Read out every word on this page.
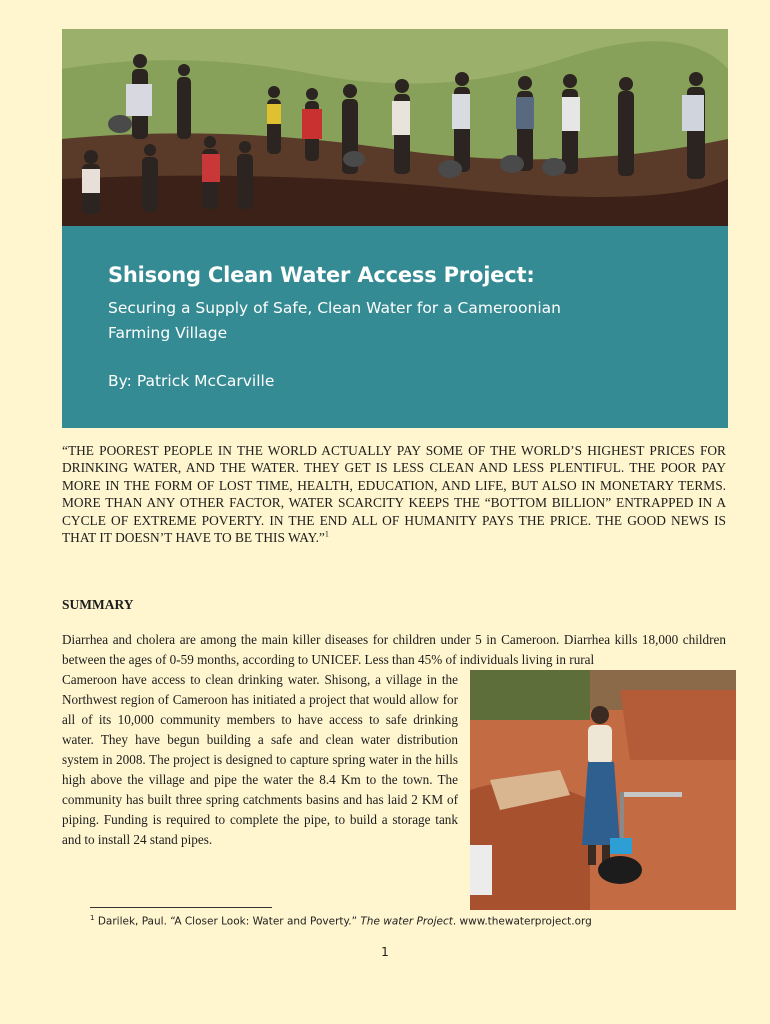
Shisong Clean Water Access Project:
Securing a Supply of Safe, Clean Water for a Cameroonian Farming Village
By: Patrick McCarville
“THE POOREST PEOPLE IN THE WORLD ACTUALLY PAY SOME OF THE WORLD’S HIGHEST PRICES FOR DRINKING WATER, AND THE WATER. THEY GET IS LESS CLEAN AND LESS PLENTIFUL. THE POOR PAY MORE IN THE FORM OF LOST TIME, HEALTH, EDUCATION, AND LIFE, BUT ALSO IN MONETARY TERMS. MORE THAN ANY OTHER FACTOR, WATER SCARCITY KEEPS THE “BOTTOM BILLION” ENTRAPPED IN A CYCLE OF EXTREME POVERTY. IN THE END ALL OF HUMANITY PAYS THE PRICE. THE GOOD NEWS IS THAT IT DOESN’T HAVE TO BE THIS WAY.”$^1$
SUMMARY
Diarrhea and cholera are among the main killer diseases for children under 5 in Cameroon. Diarrhea kills 18,000 children between the ages of 0-59 months, according to UNICEF. Less than 45% of individuals living in rural
Cameroon have access to clean drinking water. Shisong, a village in the Northwest region of Cameroon has initiated a project that would allow for all of its 10,000 community members to have access to safe drinking water. They have begun building a safe and clean water distribution system in 2008. The project is designed to capture spring water in the hills high above the village and pipe the water the 8.4 Km to the town. The community has built three spring catchments basins and has laid 2 KM of piping. Funding is required to complete the pipe, to build a storage tank and to install 24 stand pipes.
$^1$ Darilek, Paul. “A Closer Look: Water and Poverty.” The water Project. www.thewaterproject.org
1
